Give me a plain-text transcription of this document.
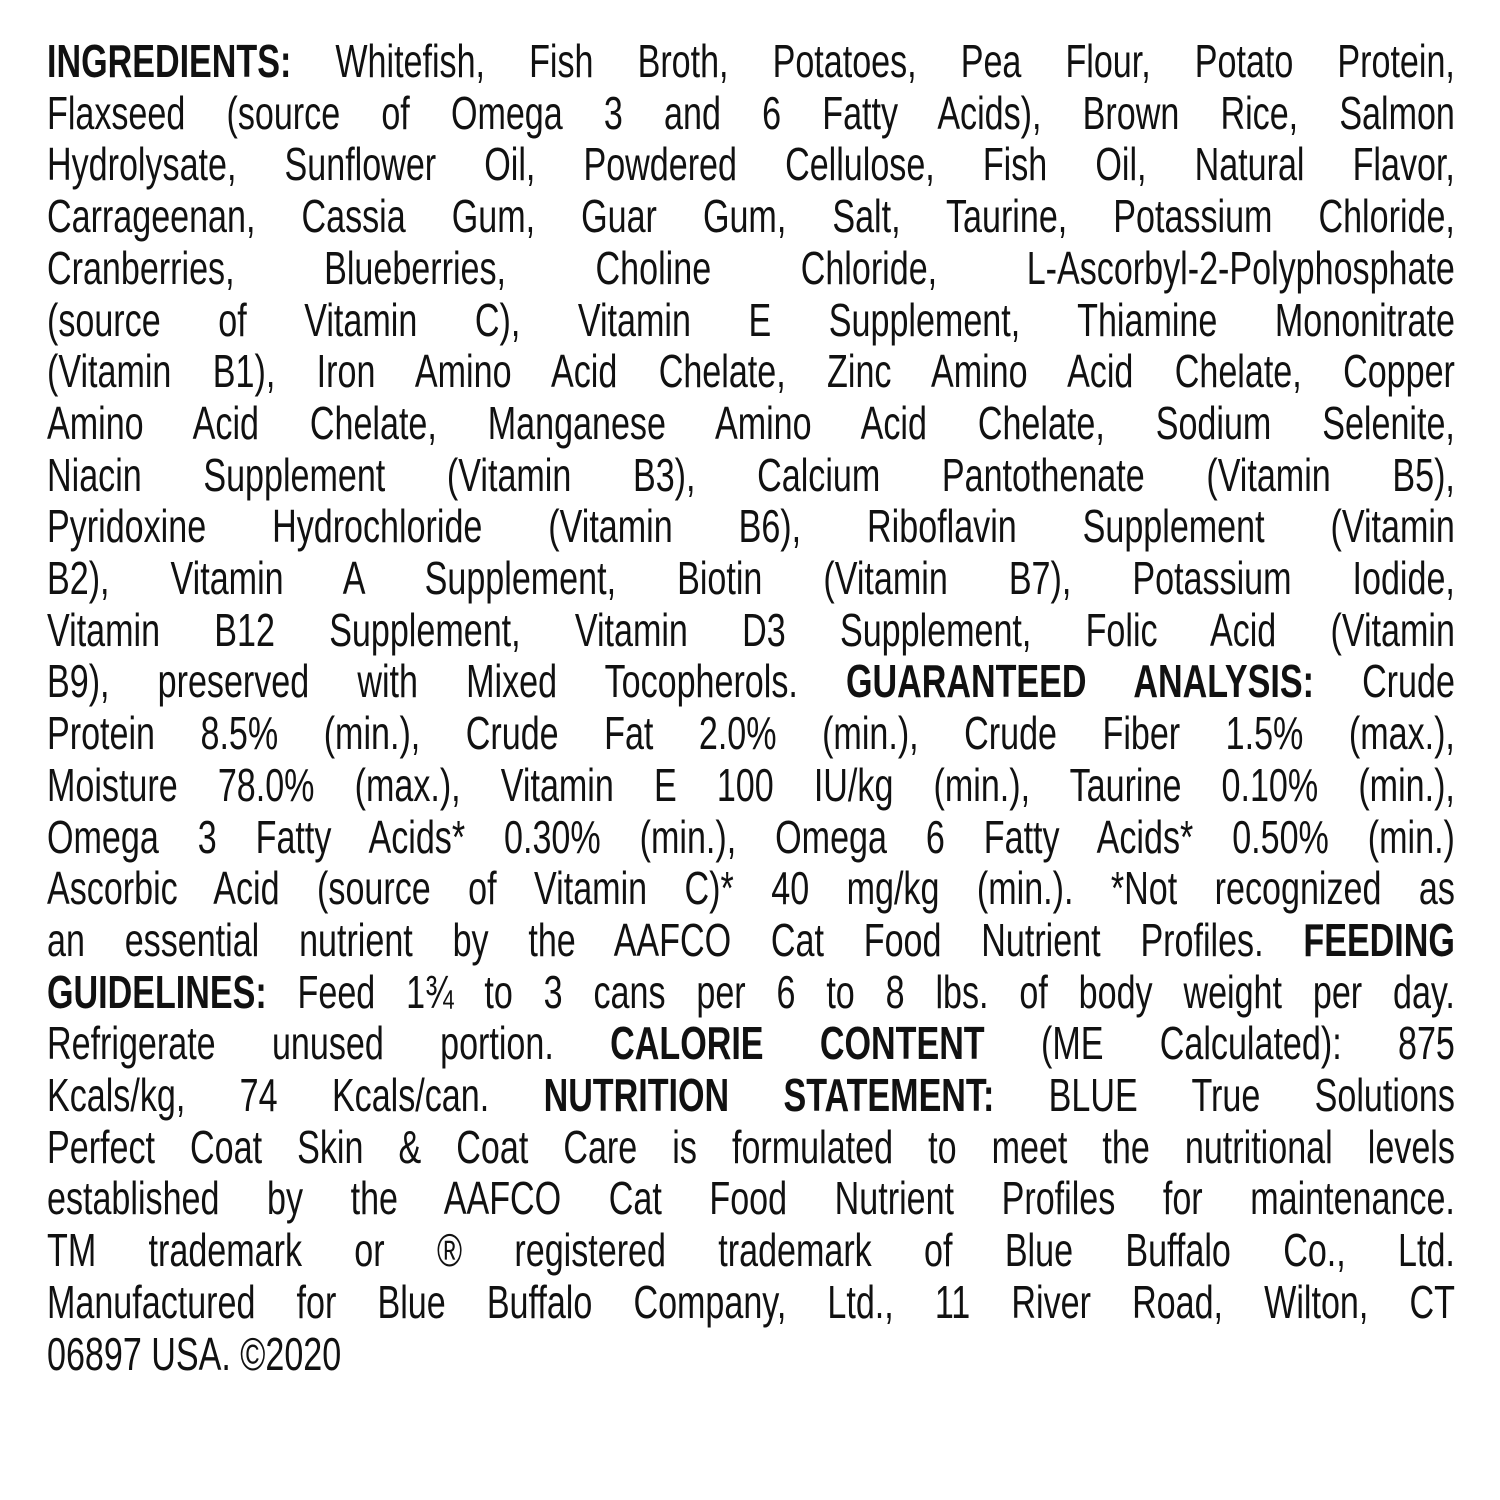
INGREDIENTS: Whitefish, Fish Broth, Potatoes, Pea Flour, Potato Protein,
Flaxseed (source of Omega 3 and 6 Fatty Acids), Brown Rice, Salmon
Hydrolysate, Sunflower Oil, Powdered Cellulose, Fish Oil, Natural Flavor,
Carrageenan, Cassia Gum, Guar Gum, Salt, Taurine, Potassium Chloride,
Cranberries, Blueberries, Choline Chloride, L-Ascorbyl-2-Polyphosphate
(source of Vitamin C), Vitamin E Supplement, Thiamine Mononitrate
(Vitamin B1), Iron Amino Acid Chelate, Zinc Amino Acid Chelate, Copper
Amino Acid Chelate, Manganese Amino Acid Chelate, Sodium Selenite,
Niacin Supplement (Vitamin B3), Calcium Pantothenate (Vitamin B5),
Pyridoxine Hydrochloride (Vitamin B6), Riboflavin Supplement (Vitamin
B2), Vitamin A Supplement, Biotin (Vitamin B7), Potassium Iodide,
Vitamin B12 Supplement, Vitamin D3 Supplement, Folic Acid (Vitamin
B9), preserved with Mixed Tocopherols. GUARANTEED ANALYSIS: Crude
Protein 8.5% (min.), Crude Fat 2.0% (min.), Crude Fiber 1.5% (max.),
Moisture 78.0% (max.), Vitamin E 100 IU/kg (min.), Taurine 0.10% (min.),
Omega 3 Fatty Acids* 0.30% (min.), Omega 6 Fatty Acids* 0.50% (min.)
Ascorbic Acid (source of Vitamin C)* 40 mg/kg (min.). *Not recognized as
an essential nutrient by the AAFCO Cat Food Nutrient Profiles. FEEDING
GUIDELINES: Feed 1¾ to 3 cans per 6 to 8 lbs. of body weight per day.
Refrigerate unused portion. CALORIE CONTENT (ME Calculated): 875
Kcals/kg, 74 Kcals/can. NUTRITION STATEMENT: BLUE True Solutions
Perfect Coat Skin & Coat Care is formulated to meet the nutritional levels
established by the AAFCO Cat Food Nutrient Profiles for maintenance.
TM trademark or ® registered trademark of Blue Buffalo Co., Ltd.
Manufactured for Blue Buffalo Company, Ltd., 11 River Road, Wilton, CT
06897 USA. ©2020
